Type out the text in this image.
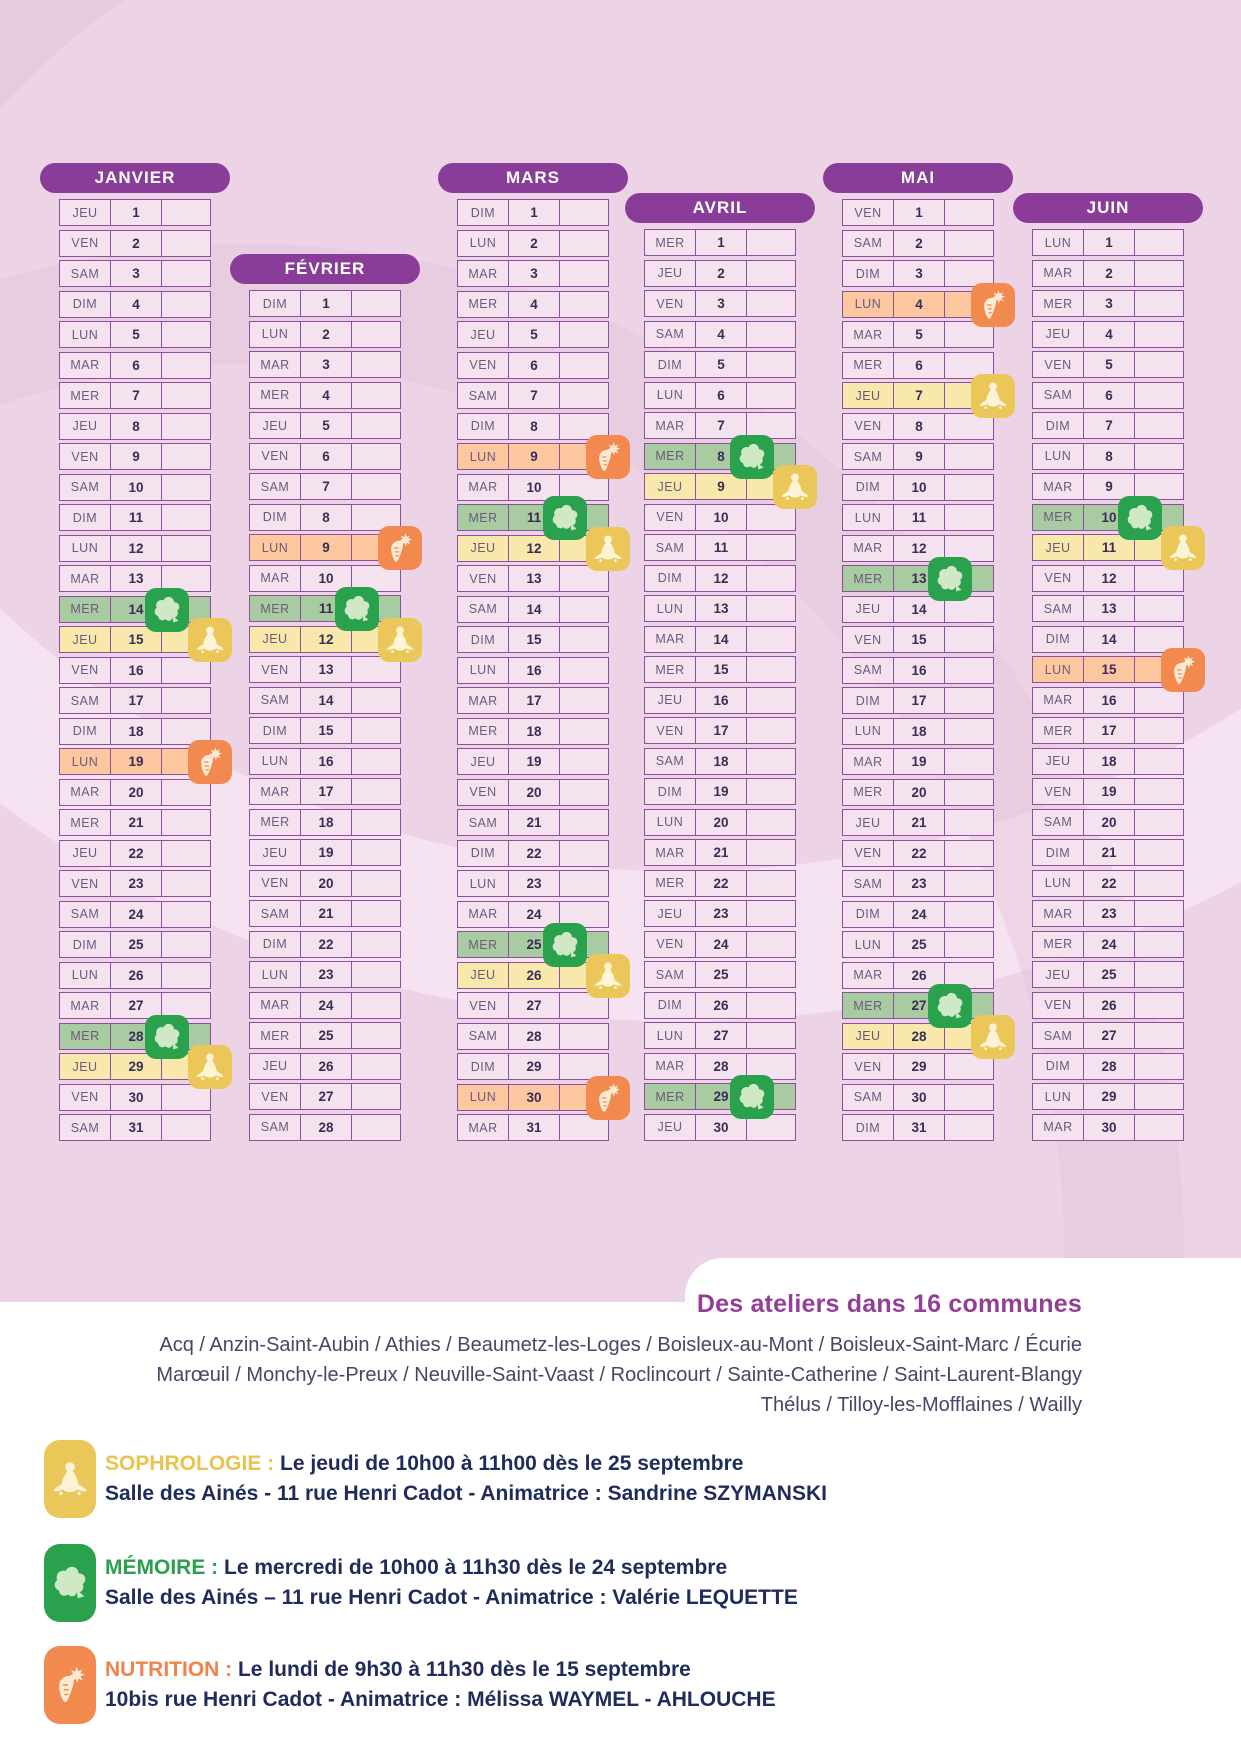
JANVIER
JEU	1
VEN	2
SAM	3
DIM	4
LUN	5
MAR	6
MER	7
JEU	8
VEN	9
SAM	10
DIM	11
LUN	12
MAR	13
MER	14
JEU	15
VEN	16
SAM	17
DIM	18
LUN	19
MAR	20
MER	21
JEU	22
VEN	23
SAM	24
DIM	25
LUN	26
MAR	27
MER	28
JEU	29
VEN	30
SAM	31
FÉVRIER
DIM	1
LUN	2
MAR	3
MER	4
JEU	5
VEN	6
SAM	7
DIM	8
LUN	9
MAR	10
MER	11
JEU	12
VEN	13
SAM	14
DIM	15
LUN	16
MAR	17
MER	18
JEU	19
VEN	20
SAM	21
DIM	22
LUN	23
MAR	24
MER	25
JEU	26
VEN	27
SAM	28
MARS
DIM	1
LUN	2
MAR	3
MER	4
JEU	5
VEN	6
SAM	7
DIM	8
LUN	9
MAR	10
MER	11
JEU	12
VEN	13
SAM	14
DIM	15
LUN	16
MAR	17
MER	18
JEU	19
VEN	20
SAM	21
DIM	22
LUN	23
MAR	24
MER	25
JEU	26
VEN	27
SAM	28
DIM	29
LUN	30
MAR	31
AVRIL
MER	1
JEU	2
VEN	3
SAM	4
DIM	5
LUN	6
MAR	7
MER	8
JEU	9
VEN	10
SAM	11
DIM	12
LUN	13
MAR	14
MER	15
JEU	16
VEN	17
SAM	18
DIM	19
LUN	20
MAR	21
MER	22
JEU	23
VEN	24
SAM	25
DIM	26
LUN	27
MAR	28
MER	29
JEU	30
MAI
VEN	1
SAM	2
DIM	3
LUN	4
MAR	5
MER	6
JEU	7
VEN	8
SAM	9
DIM	10
LUN	11
MAR	12
MER	13
JEU	14
VEN	15
SAM	16
DIM	17
LUN	18
MAR	19
MER	20
JEU	21
VEN	22
SAM	23
DIM	24
LUN	25
MAR	26
MER	27
JEU	28
VEN	29
SAM	30
DIM	31
JUIN
LUN	1
MAR	2
MER	3
JEU	4
VEN	5
SAM	6
DIM	7
LUN	8
MAR	9
MER	10
JEU	11
VEN	12
SAM	13
DIM	14
LUN	15
MAR	16
MER	17
JEU	18
VEN	19
SAM	20
DIM	21
LUN	22
MAR	23
MER	24
JEU	25
VEN	26
SAM	27
DIM	28
LUN	29
MAR	30
Des ateliers dans 16 communes
Acq / Anzin-Saint-Aubin / Athies / Beaumetz-les-Loges / Boisleux-au-Mont / Boisleux-Saint-Marc / Écurie
Marœuil / Monchy-le-Preux / Neuville-Saint-Vaast / Roclincourt / Sainte-Catherine / Saint-Laurent-Blangy
Thélus / Tilloy-les-Mofflaines / Wailly
SOPHROLOGIE : Le jeudi de 10h00 à 11h00 dès le 25 septembre
Salle des Ainés - 11 rue Henri Cadot - Animatrice : Sandrine SZYMANSKI
MÉMOIRE : Le mercredi de 10h00 à 11h30 dès le 24 septembre
Salle des Ainés – 11 rue Henri Cadot - Animatrice : Valérie LEQUETTE
NUTRITION : Le lundi de 9h30 à 11h30 dès le 15 septembre
10bis rue Henri Cadot - Animatrice : Mélissa WAYMEL - AHLOUCHE
